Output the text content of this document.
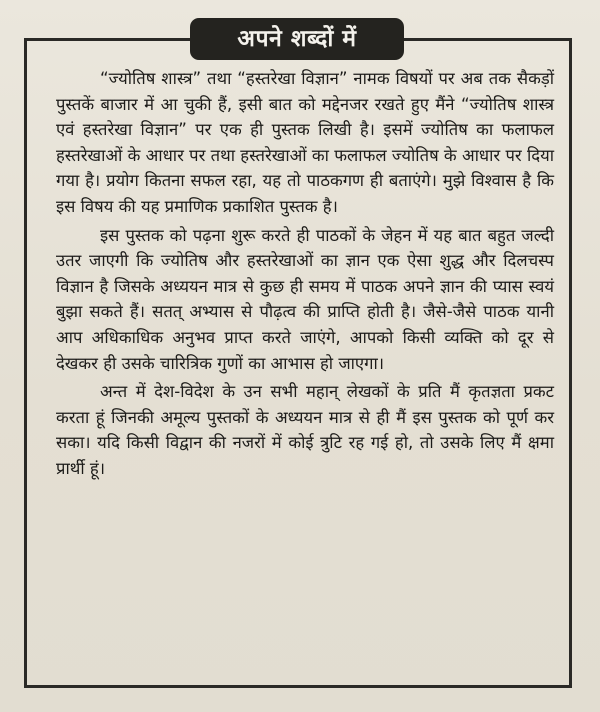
अपने शब्दों में

“ज्योतिष शास्त्र” तथा “हस्तरेखा विज्ञान” नामक विषयों पर अब तक सैकड़ों पुस्तकें बाजार में आ चुकी हैं, इसी बात को मद्देनजर रखते हुए मैंने “ज्योतिष शास्त्र एवं हस्तरेखा विज्ञान” पर एक ही पुस्तक लिखी है। इसमें ज्योतिष का फलाफल हस्तरेखाओं के आधार पर तथा हस्तरेखाओं का फलाफल ज्योतिष के आधार पर दिया गया है। प्रयोग कितना सफल रहा, यह तो पाठकगण ही बताएंगे। मुझे विश्वास है कि इस विषय की यह प्रमाणिक प्रकाशित पुस्तक है।

इस पुस्तक को पढ़ना शुरू करते ही पाठकों के जेहन में यह बात बहुत जल्दी उतर जाएगी कि ज्योतिष और हस्तरेखाओं का ज्ञान एक ऐसा शुद्ध और दिलचस्प विज्ञान है जिसके अध्ययन मात्र से कुछ ही समय में पाठक अपने ज्ञान की प्यास स्वयं बुझा सकते हैं। सतत् अभ्यास से पौढ़त्व की प्राप्ति होती है। जैसे-जैसे पाठक यानी आप अधिकाधिक अनुभव प्राप्त करते जाएंगे, आपको किसी व्यक्ति को दूर से देखकर ही उसके चारित्रिक गुणों का आभास हो जाएगा।

अन्त में देश-विदेश के उन सभी महान् लेखकों के प्रति मैं कृतज्ञता प्रकट करता हूं जिनकी अमूल्य पुस्तकों के अध्ययन मात्र से ही मैं इस पुस्तक को पूर्ण कर सका। यदि किसी विद्वान की नजरों में कोई त्रुटि रह गई हो, तो उसके लिए मैं क्षमा प्रार्थी हूं।
